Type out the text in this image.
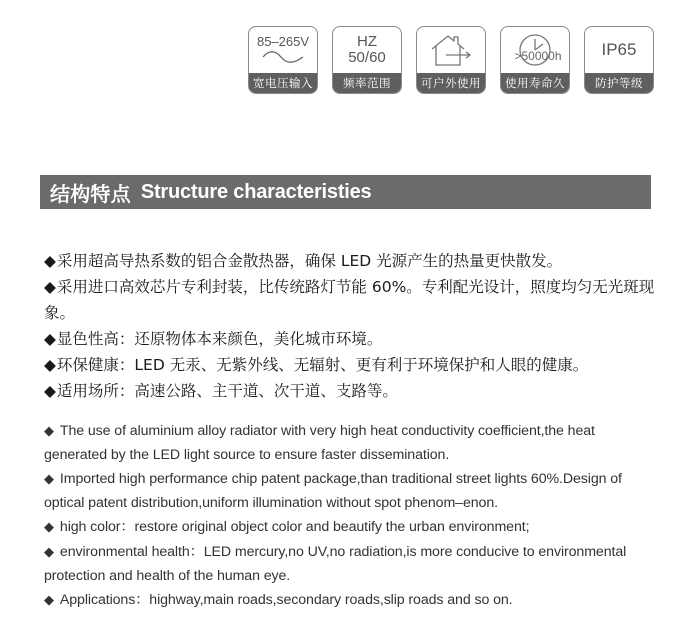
85–265V
宽电压输入
HZ
50/60
频率范围	可户外使用
>50000h
使用寿命久
IP65
防护等级
结构特点 Structure characteristies

◆采用超高导热系数的铝合金散热器，确保 LED 光源产生的热量更快散发。

◆采用进口高效芯片专利封装，比传统路灯节能 60%。专利配光设计，照度均匀无光斑现象。

◆显色性高：还原物体本来颜色，美化城市环境。

◆环保健康：LED 无汞、无紫外线、无辐射、更有利于环境保护和人眼的健康。

◆适用场所：高速公路、主干道、次干道、支路等。

◆ The use of aluminium alloy radiator with very high heat conductivity coefficient,the heat generated by the LED light source to ensure faster dissemination.

◆ Imported high performance chip patent package,than traditional street lights 60%.Design of optical patent distribution,uniform illumination without spot phenom–enon.

◆ high color：restore original object color and beautify the urban environment;

◆ environmental health：LED mercury,no UV,no radiation,is more conducive to environmental protection and health of the human eye.

◆ Applications：highway,main roads,secondary roads,slip roads and so on.
